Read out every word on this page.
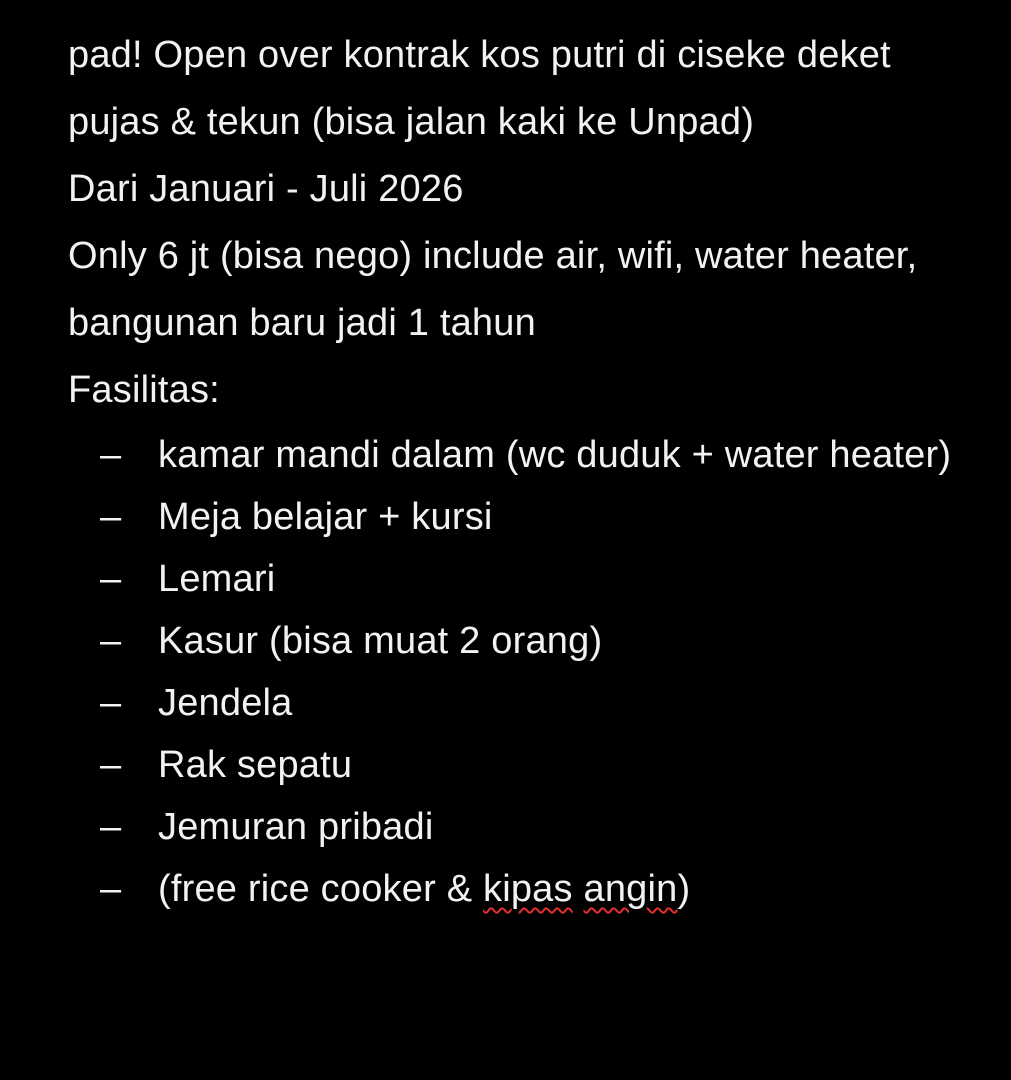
pad! Open over kontrak kos putri di ciseke deket pujas & tekun (bisa jalan kaki ke Unpad)
Dari Januari - Juli 2026
Only 6 jt (bisa nego) include air, wifi, water heater, bangunan baru jadi 1 tahun
Fasilitas:
– kamar mandi dalam (wc duduk + water heater)
– Meja belajar + kursi
– Lemari
– Kasur (bisa muat 2 orang)
– Jendela
– Rak sepatu
– Jemuran pribadi
– (free rice cooker & kipas angin)
